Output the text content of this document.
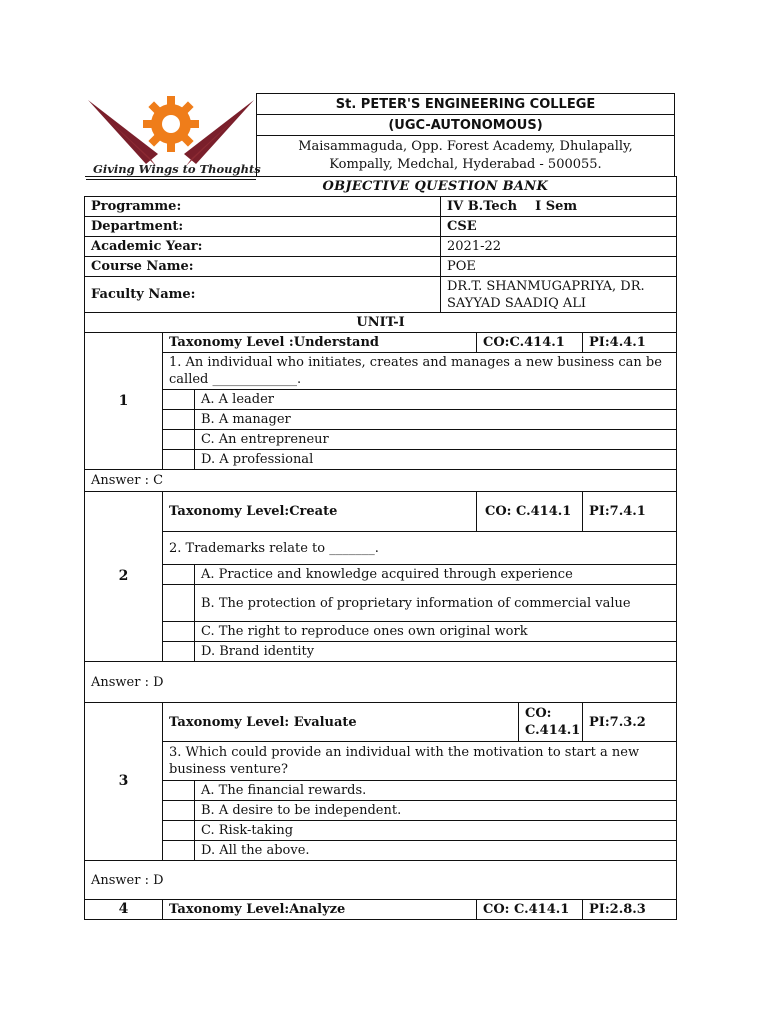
Giving Wings to Thoughts
St. PETER'S ENGINEERING COLLEGE
(UGC-AUTONOMOUS)
Maisammaguda, Opp. Forest Academy, Dhulapally,
Kompally, Medchal, Hyderabad - 500055.
		OBJECTIVE QUESTION BANK				
Programme:			IV B.Tech    I Sem			
Department:			CSE			
Academic Year:			2021-22			
Course Name:			POE			
Faculty Name:			DR.T. SHANMUGAPRIYA, DR. SAYYAD SAADIQ ALI			
UNIT-I						
1	Taxonomy Level :Understand			CO:C.414.1		PI:4.4.1
	1. An individual who initiates, creates and manages a new business can be called _____________.					
		A. A leader				
		B. A manager				
		C. An entrepreneur				
		D. A professional				
Answer : C						
2	Taxonomy Level:Create			CO: C.414.1		PI:7.4.1
	2. Trademarks relate to _______.					
		A. Practice and knowledge acquired through experience				
		B. The protection of proprietary information of commercial value				
		C. The right to reproduce ones own original work				
		D. Brand identity				
Answer : D						
3	Taxonomy Level: Evaluate				CO: C.414.1	PI:7.3.2
	3. Which could provide an individual with the motivation to start a new business venture?					
		A. The financial rewards.				
		B. A desire to be independent.				
		C. Risk-taking				
		D. All the above.				
Answer : D						
4	Taxonomy Level:Analyze			CO: C.414.1		PI:2.8.3
